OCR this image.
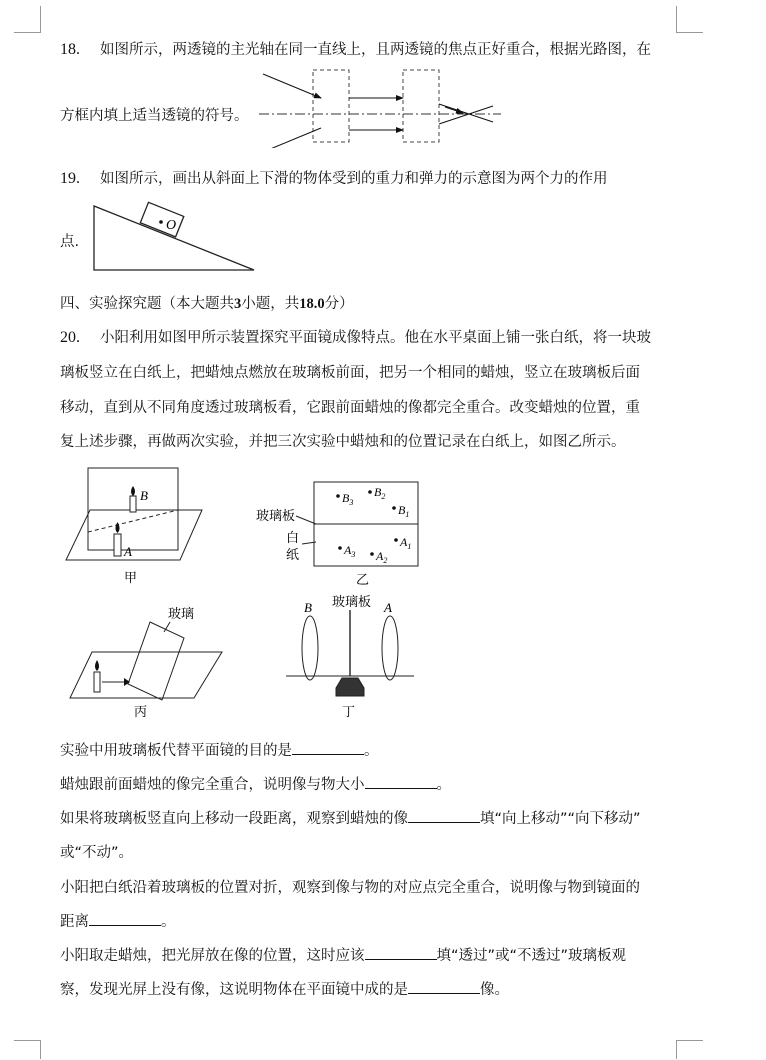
18. 如图所示，两透镜的主光轴在同一直线上，且两透镜的焦点正好重合，根据光路图，在
方框内填上适当透镜的符号。
19. 如图所示，画出从斜面上下滑的物体受到的重力和弹力的示意图为两个力的作用
点.
O
四、实验探究题（本大题共3小题，共18.0分）
20. 小阳利用如图甲所示装置探究平面镜成像特点。他在水平桌面上铺一张白纸，将一块玻
璃板竖立在白纸上，把蜡烛点燃放在玻璃板前面，把另一个相同的蜡烛，竖立在玻璃板后面
移动，直到从不同角度透过玻璃板看，它跟前面蜡烛的像都完全重合。改变蜡烛的位置，重
复上述步骤，再做两次实验，并把三次实验中蜡烛和的位置记录在白纸上，如图乙所示。
B
A
甲
玻璃板
白
纸
$B_3$
$B_2$
$B_1$
$A_1$
$A_3$ $A_2$
乙
玻璃
丙
玻璃板
B	A
丁
实验中用玻璃板代替平面镜的目的是	。
蜡烛跟前面蜡烛的像完全重合，说明像与物大小	。
如果将玻璃板竖直向上移动一段距离，观察到蜡烛的像	填“向上移动”“向下移动”
或“不动”。
小阳把白纸沿着玻璃板的位置对折，观察到像与物的对应点完全重合，说明像与物到镜面的
距离	。
小阳取走蜡烛，把光屏放在像的位置，这时应该	填“透过”或“不透过”玻璃板观
察，发现光屏上没有像，这说明物体在平面镜中成的是	像。
